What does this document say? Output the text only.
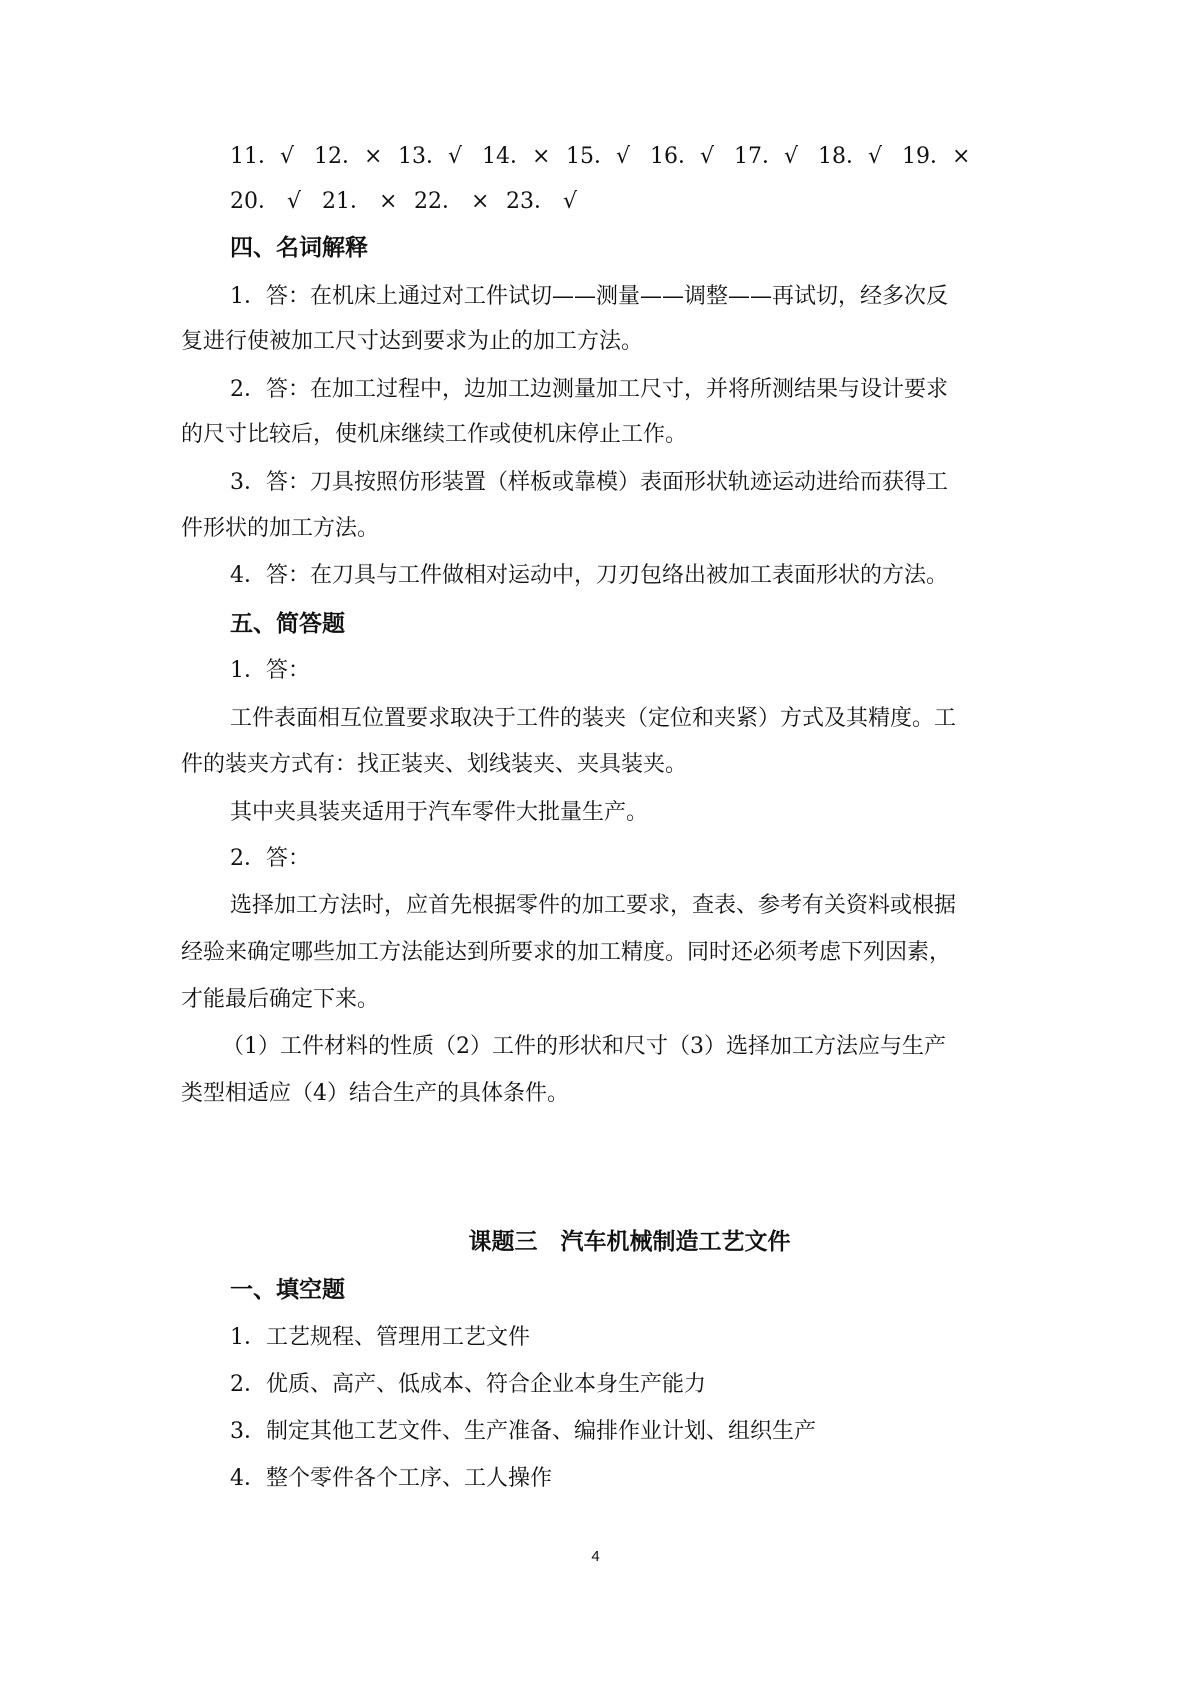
11．√ 12．× 13．√ 14．× 15．√ 16．√ 17．√ 18．√ 19．×
20． √ 21． × 22． × 23． √
四、名词解释
1．答：在机床上通过对工件试切——测量——调整——再试切，经多次反
复进行使被加工尺寸达到要求为止的加工方法。
2．答：在加工过程中，边加工边测量加工尺寸，并将所测结果与设计要求
的尺寸比较后，使机床继续工作或使机床停止工作。
3．答：刀具按照仿形装置（样板或靠模）表面形状轨迹运动进给而获得工
件形状的加工方法。
4．答：在刀具与工件做相对运动中，刀刃包络出被加工表面形状的方法。
五、简答题
1．答：
工件表面相互位置要求取决于工件的装夹（定位和夹紧）方式及其精度。工
件的装夹方式有：找正装夹、划线装夹、夹具装夹。
其中夹具装夹适用于汽车零件大批量生产。
2．答：
选择加工方法时，应首先根据零件的加工要求，查表、参考有关资料或根据
经验来确定哪些加工方法能达到所要求的加工精度。同时还必须考虑下列因素，
才能最后确定下来。
（1）工件材料的性质（2）工件的形状和尺寸（3）选择加工方法应与生产
类型相适应（4）结合生产的具体条件。
课题三　汽车机械制造工艺文件
一、填空题
1．工艺规程、管理用工艺文件
2．优质、高产、低成本、符合企业本身生产能力
3．制定其他工艺文件、生产准备、编排作业计划、组织生产
4．整个零件各个工序、工人操作
4
